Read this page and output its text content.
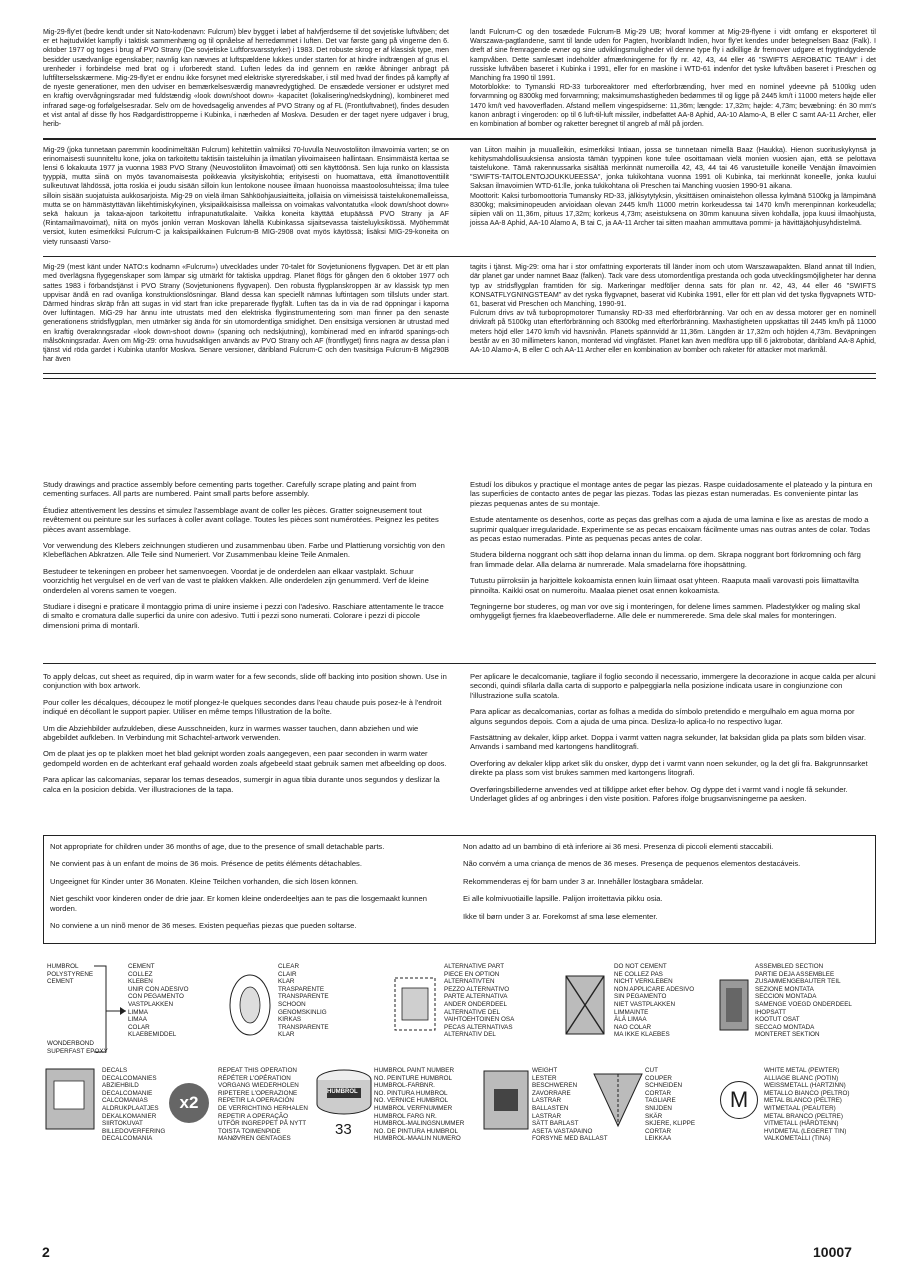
Mig-29-fly'et (bedre kendt under sit Nato-kodenavn: Fulcrum) blev bygget i løbet af halvfjerdserne til det sovjetiske luftvåben; det er et højtudviklet kampfly i taktisk sammenhæng og til opnåelse af herredømmet i luften. Det var første gang på vingerne den 6. oktober 1977 og toges i brug af PVO Strany (De sovjetiske Luftforsvarsstyrker) i 1983. Det robuste skrog er af klassisk type, men besidder usædvanlige egenskaber; navnlig kan nævnes at luftspældene lukkes under starten for at hindre indtrængen af grus el. urenheder i forbindelse med brat og i uforberedt stand. Luften ledes da ind gennem en række åbninger anbragt på luftfilterselsskærmene. Mig-29-fly'et er endnu ikke forsynet med elektriske styreredskaber, i stil med hvad der findes på kampfly af de nyeste generationer, men den udviser en bemærkelsesværdig manøvredygtighed. De ensædede versioner er udstyret med en kraftig overvågningsradar med fuldstændig «look down/shoot down» -kapacitet (lokalisering/nedskydning), kombineret med infrarød søge-og forfølgelsesradar. Selv om de hovedsagelig anvendes af PVO Strany og af FL (Frontluftvabnet), findes desuden et vist antal af disse fly hos Rødgardisttropperne i Kubinka, i nærheden af Moskva. Desuden er der taget nyere udgaver i brug, herib-

landt Fulcrum-C og den tosædede Fulcrum-B Mig-29 UB; hvoraf kommer at Mig-29-flyene i vidt omfang er eksporteret til Warszawa-pagtlandene, samt til lande uden for Pagten, hvoriblandt Indien, hvor fly'et kendes under betegnelsen Baaz (Falk). I dreft af sine fremragende evner og sine udviklingsmuligheder vil denne type fly i adkillige år fremover udgøre et frygtindgydende kampvåben. Dette samlesæt indeholder afmærkningerne for fly nr. 42, 43, 44 eller 46 "SWIFTS AEROBATIC TEAM" i det russiske luftvåben baseret i Kubinka i 1991, eller for en maskine i WTD-61 indenfor det tyske luftvåben baseret i Preschen og Manching fra 1990 til 1991.
Motorblokke: to Tymanski RD-33 turboreaktorer med efterforbrænding, hver med en nominel ydeevne på 5100kg uden forvarmning og 8300kg med forvarmning; maksimumshastigheden bedømmes til og ligge på 2445 km/t i 11000 meters højde eller 1470 km/t ved havoverfladen. Afstand mellem vingespidserne: 11,36m; længde: 17,32m; højde: 4,73m; bevæbning: én 30 mm's kanon anbragt i vingeroden: op til 6 luft-til-luft missiler, indbefattet AA-8 Aphid, AA-10 Alamo-A, B eller C samt AA-11 Archer, eller en kombination af bomber og raketter beregnet til angreb af mål på jorden.

Mig-29 (joka tunnetaan paremmin koodinimeltään Fulcrum) kehitettiin valmiiksi 70-luvulla Neuvostoliiton ilmavoimia varten; se on erinomaisesti suunniteltu kone, joka on tarkoitettu taktisiin taisteluihin ja ilmatilan ylivoimaiseen hallintaan. Ensimmäistä kertaa se lensi 6 lokakuuta 1977 ja vuonna 1983 PVO Strany (Neuvostoliiton ilmavoimat) otti sen käyttöönsä. Sen luja runko on klassista tyyppiä, mutta siinä on myös tavanomaisesta poikkeavia yksityiskohtia; erityisesti on huomattava, että ilmanottoventtiilit sulkeutuvat lähdössä, jotta roskia ei joudu sisään silloin kun lentokone nousee ilmaan huonoissa maastoolosuhteissa; ilma tulee silloin sisään suojatuista aukkosarjoista. Mig-29 on vielä ilman Sähköohjausiaitteita, jollaisia on viimeisissä taistelukonemalleissa, mutta se on hämmästyttävän liikehtimiskykyinen, yksipaikkaisissa malleissa on voimakas valvontatutka «look down/shoot down» sekä hakuun ja takaa-ajoon tarkoitettu infrapunatutkalaite. Vaikka koneita käyttää etupäässä PVO Strany ja AF (Rintamailmavoimat), niitä on myös jonkin verran Moskovan lähellä Kubinkassa sijaitsevassa taisteluyksikössä. Myöhemmät versiot, kuten esimerkiksi Fulcrum-C ja kaksipaikkainen Fulcrum-B MIG-2908 ovat myös käytössä; lisäksi MIG-29-koneita on viety runsaasti Varso-

van Liiton maihin ja muualleikin, esimerkiksi Intiaan, jossa se tunnetaan nimellä Baaz (Haukka). Hienon suorituskykynsä ja kehitysmahdollisuuksiensa ansiosta tämän tyyppinen kone tulee osoittamaan vielä monien vuosien ajan, että se pelottava taistelukone. Tämä rakennussarka sisältää merkinnät numeroilla 42, 43, 44 tai 46 varustetuille koneille Venäjän ilmavoimien "SWIFTS-TAITOLENTOJOUKKUEESSA", jonka tukikohtana vuonna 1991 oli Kubinka, tai merkinnät koneelle, jonka kuului Saksan ilmavoimien WTD-61:lle, jonka tukikohtana oli Preschen tai Manching vuosien 1990-91 aikana.
Moottorit: Kaksi turbomoottoria Tumansky RD-33, jälkisytytyksin, yksittäisen ominaistehon ollessa kylmänä 5100kg ja lämpimänä 8300kg; maksiminopeuden arvioidaan olevan 2445 km/h 11000 metrin korkeudessa tai 1470 km/h merenpinnan korkeudella; siipien väli on 11,36m, pituus 17,32m; korkeus 4,73m; aseistuksena on 30mm kanuuna siiven kohdalla, jopa kuusi ilmaohjusta, joissa AA-8 Aphid, AA-10 Alamo A, B tai C, ja AA-11 Archer tai sitten maahan ammuttava pommi- ja hävittäjäohjusyhdistelmä.

Mig-29 (mest känt under NATO:s kodnamn «Fulcrum») utvecklades under 70-talet för Sovjetunionens flygvapen. Det är ett plan med överlägsna flygegenskaper som lämpar sig utmärkt för taktiska uppdrag. Planet flögs för gången den 6 oktober 1977 och sattes 1983 i förbandstjänst i PVO Strany (Sovjetunionens flygvapen). Den robusta flygplanskroppen är av klassisk typ men uppvisar ändå en rad ovanliga konstruktionslösningar. Bland dessa kan speciellt nämnas luftintagen som tillsluts under start. Därmed hindras skräp från att sugas in vid start fran icke preparerade flygfält. Luften tas da in via de rad öppningar i kaporna över luftintagen. MiG-29 har ännu inte utrustats med den elektriska flyginstrumentering som man finner pa den senaste generationens stridsflygplan, men utmärker sig ända för sin utomordentliga smidighet. Den ensitsiga versionen är utrustad med en kraftig överaknngsradar «look down-shoot down» (spaning och nedskjutning), kombinerad med en infraröd spanings-och målsökningsradar. Även om Mig-29: orna huvudsakligen används av PVO Strany och AF (frontflyget) finns nagra av dessa plan i tjänst vid röda gardet i Kubinka utanför Moskva. Senare versioner, däribland Fulcrum-C och den tvasitsiga Fulcrum-B Mig290B har även

tagits i tjänst. Mig-29: orna har i stor omfattning exporterats till länder inom och utom Warszawapakten. Bland annat till Indien, där planet gar under namnet Baaz (falken). Tack vare dess utomordentliga prestanda och goda utvecklingsmöjligheter har denna typ av stridsflygplan framtiden för sig. Markeringar medföljer denna sats för plan nr. 42, 43, 44 eller 46 "SWIFTS KONSATFLYGNINGSTEAM" av det ryska flygvapnet, baserat vid Kubinka 1991, eller för ett plan vid det tyska flygvapnets WTD-61, baserat vid Preschen och Manching, 1990-91.
Fulcrum drivs av två turbopropmotorer Tumansky RD-33 med efterförbränning. Var och en av dessa motorer ger en nominell drivkraft på 5100kg utan efterförbränning och 8300kg med efterförbränning. Maxhastigheten uppskattas till 2445 km/h på 11000 meters höjd eller 1470 km/h vid havsnivån. Planets spännvidd är 11,36m. Längden är 17,32m och höjden 4,73m. Beväpningen består av en 30 millimeters kanon, monterad vid vingfästet. Planet kan även medföra upp till 6 jaktrobotar, däribland AA-8 Aphid, AA-10 Alamo-A, B eller C och AA-11 Archer eller en kombination av bomber och raketer för attacker mot markmål.

Study drawings and practice assembly before cementing parts together. Carefully scrape plating and paint from cementing surfaces. All parts are numbered. Paint small parts before assembly.

Étudiez attentivement les dessins et simulez l'assemblage avant de coller les pièces. Gratter soigneusement tout revêtement ou peinture sur les surfaces à coller avant collage. Toutes les pièces sont numérotées. Peignez les petites pièces avant assemblage.

Vor verwendung des Klebers zeichnungen studieren und zusammenbau üben. Farbe und Plattierung vorsichtig von den Klebeflächen Abkratzen. Alle Teile sind Numeriert. Vor Zusammenbau kleine Teile Anmalen.

Bestudeer te tekeningen en probeer het samenvoegen. Voordat je de onderdelen aan elkaar vastplakt. Schuur voorzichtig het vergulsel en de verf van de vast te plakken vlakken. Alle onderdelen zijn genummerd. Verf de kleine onderdelen al vorens samen te voegen.

Studiare i disegni e praticare il montaggio prima di unire insieme i pezzi con l'adesivo. Raschiare attentamente le tracce di smalto e cromatura dalle superfici da unire con adesivo. Tutti i pezzi sono numerati. Colorare i pezzi di piccole dimensioni prima di montarli.

Estudí los dibukos y practique el montage antes de pegar las piezas. Raspe cuidadosamente el plateado y la pintura en las superficies de contacto antes de pegar las piezas. Todas las piezas estan numeradas. Es conveniente pintar las piezas pequenas antes de su montaje.

Estude atentamente os desenhos, corte as peças das grelhas com a ajuda de uma lamina e lixe as arestas de modo a suprimir qualquer irregularidade. Experimente se as pecas encaixam fácilmente umas nas outras antes de colar. Todas as pecas estao numeradas. Pinte as pequenas pecas antes de colar.

Studera bilderna noggrant och sätt ihop delarna innan du limma. op dem. Skrapa noggrant bort förkromning och färg fran limmade delar. Alla delarna är numrerade. Mala smadelarna före ihopsättning.

Tutustu piirroksiin ja harjoittele kokoamista ennen kuin liimaat osat yhteen. Raaputa maali varovasti pois liimattavilta pinnoilta. Kaikki osat on numeroitu. Maalaa pienet osat ennen kokoamista.

Tegningerne bor studeres, og man vor ove sig i monteringen, for delene limes sammen. Pladestykker og maling skal omhyggeligt fjernes fra klaebeoverfladerne. Alle dele er nummererede. Sma dele skal males for monteringen.

To apply delcas, cut sheet as required, dip in warm water for a few seconds, slide off backing into position shown. Use in conjunction with box artwork.

Pour coller les décalques, découpez le motif plongez-le quelques secondes dans l'eau chaude puis posez-le à l'endroit indiqué en décollant le support papier. Utiliser en même temps l'illustration de la boîte.

Um die Abziehbilder aufzukleben, diese Ausschneiden, kurz in warmes wasser tauchen, dann abziehen und wie abgebildet aufkleben. In Verbindung mit Schachtel-artwork verwenden.

Om de plaat jes op te plakken moet het blad geknipt worden zoals aangegeven, een paar seconden in warm water gedompeld worden en de achterkant eraf gehaald worden zoals afgebeeld staat gebruik samen met afbeelding op doos.

Para aplicar las calcomanias, separar los temas deseados, sumergir in agua tibia durante unos segundos y deslizar la calca en la posicion debida. Ver illustraciones de la tapa.

Per aplicare le decalcomanie, tagliare il foglio secondo il necessario, immergere la decorazione in acque calda per alcuni secondi, quindi sfilarla dalla carta di supporto e palpeggiarla nella posizione indicata usare in congiunzione con l'illustrazione sulla scatola.

Para aplicar as decalcomanias, cortar as folhas a medida do símbolo pretendido e mergulhalo em agua morna por alguns segundos depois. Com a ajuda de uma pinca. Desliza-lo aplica-lo no respectivo lugar.

Fastsättning av dekaler, klipp arket. Doppa i varmt vatten nagra sekunder, lat baksidan glida pa plats som bilden visar. Anvands i samband med kartongens handlitografi.

Overforing av dekaler klipp arket slik du onsker, dypp det i varmt vann noen sekunder, og la det gli fra. Bakgrunnsarket direkte pa plass som vist brukes sammen med kartongens litografi.

Overføringsbillederne anvendes ved at tilklippe arket efter behov. Og dyppe det i varmt vand i nogle få sekunder. Underlaget glides af og anbringes i den viste position. Pafores ifolge brugsanvisningerne pa aesken.

Not appropriate for children under 36 months of age, due to the presence of small detachable parts.

Ne convient pas à un enfant de moins de 36 mois. Présence de petits éléments détachables.

Ungeeignet für Kinder unter 36 Monaten. Kleine Teilchen vorhanden, die sich lösen können.

Niet geschikt voor kinderen onder de drie jaar. Er komen kleine onderdeeltjes aan te pas die losgemaakt kunnen worden.

No conviene a un ninõ menor de 36 meses. Existen pequeñas piezas que pueden soltarse.

Non adatto ad un bambino di età inferiore ai 36 mesi. Presenza di piccoli elementi staccabili.

Não convém a uma criança de menos de 36 meses. Presença de pequenos elementos destacáveis.

Rekommenderas ej för barn under 3 ar. Innehåller löstagbara smådelar.

Ei alle kolmivuotiaille lapsille. Palijon irroitettavia pikku osia.

Ikke til børn under 3 ar. Forekomst af sma løse elementer.

HUMBROL

POLYSTYRENE

CEMENT

WONDERBOND

SUPERFAST EPOXY

CEMENT

COLLEZ

KLEBEN

UNIR CON ADESIVO

CON PEGAMENTO

VASTPLAKKEN

LIMMA

LIMAA

COLAR

KLAEBEMIDDEL

CLEAR

CLAIR

KLAR

TRASPARENTE

TRANSPARENTE

SCHOON

GENOMSKINLIG

KIRKAS

TRANSPARENTE

KLAR

ALTERNATIVE PART

PIECE EN OPTION

ALTERNATIVTEN

PEZZO ALTERNATIVO

PARTE ALTERNATIVA

ANDER ONDERDEEL

ALTERNATIVE DEL

VAIHTOEHTOINEN OSA

PECAS ALTERNATIVAS

ALTERNATIV DEL

DO NOT CEMENT

NE COLLEZ PAS

NICHT VERKLEBEN

NON APPLICARE ADESIVO

SIN PEGAMENTO

NIET VASTPLAKKEN

LIMMAINTE

ÄLÄ LIMAA

NAO COLAR

MA IKKE KLAEBES

ASSEMBLED SECTION

PARTIE DEJA ASSEMBLEE

ZUSAMMENGEBAUTER TEIL

SEZIONE MONTATA

SECCION MONTADA

SAMENGE VOEGD ONDERDEEL

IHOPSATT

KOOTUT OSAT

SECCAO MONTADA

MONTERET SEKTION

DECALS

DECALCOMANIES

ABZIEHBILD

DECALCOMANIE

CALCOMANIAS

ALDRUKPLAATJES

DEKALKOMANIER

SIIRTOKUVAT

BILLEDOVERFERING

DECALCOMANIA

x2

REPEAT THIS OPERATION

RÉPÉTER L'OPÉRATION

VORGANG WIEDERHOLEN

RIPETERE L'OPERAZIONE

REPETIR LA OPERACIÓN

DE VERRICHTING HERHALEN

REPETIR A OPERAÇÃO

UTFÖR INGREPPET PÅ NYTT

TOISTA TOIMENPIDE

MANØVREN GENTAGES

HUMBROL
33

HUMBROL PAINT NUMBER

NO. PEINTURE HUMBROL

HUMBROL-FARBNR.

NO. PINTURA HUMBROL

NO. VERNICE HUMBROL

HUMBROL VERFNUMMER

HUMBROL FARG NR.

HUMBROL-MALINGSNUMMER

NO. DE PINTURA HUMBROL

HUMBROL-MAALIN NUMERO

WEIGHT

LESTER

BESCHWEREN

ZAVORRARE

LASTRAR

BALLASTEN

LASTRAR

SÄTT BARLAST

ASETA VASTAPAINO

FORSYNE MED BALLAST

CUT

COUPER

SCHNEIDEN

CORTAR

TAGLIARE

SNIJDEN

SKÄR

SKJERE, KLIPPE

CORTAR

LEIKKAA

M

WHITE METAL (PEWTER)

ALLIAGE BLANC (POTIN)

WEISSMETALL (HARTZINN)

METALLO BIANCO (PELTRO)

METAL BLANCO (PELTRE)

WITMETAAL (PEAUTER)

METAL BRANCO (PELTRE)

VITMETALL (HÅRDTENN)

HVIDMETAL (LEGERET TIN)

VALKOMETALLI (TINA)

2	10007
